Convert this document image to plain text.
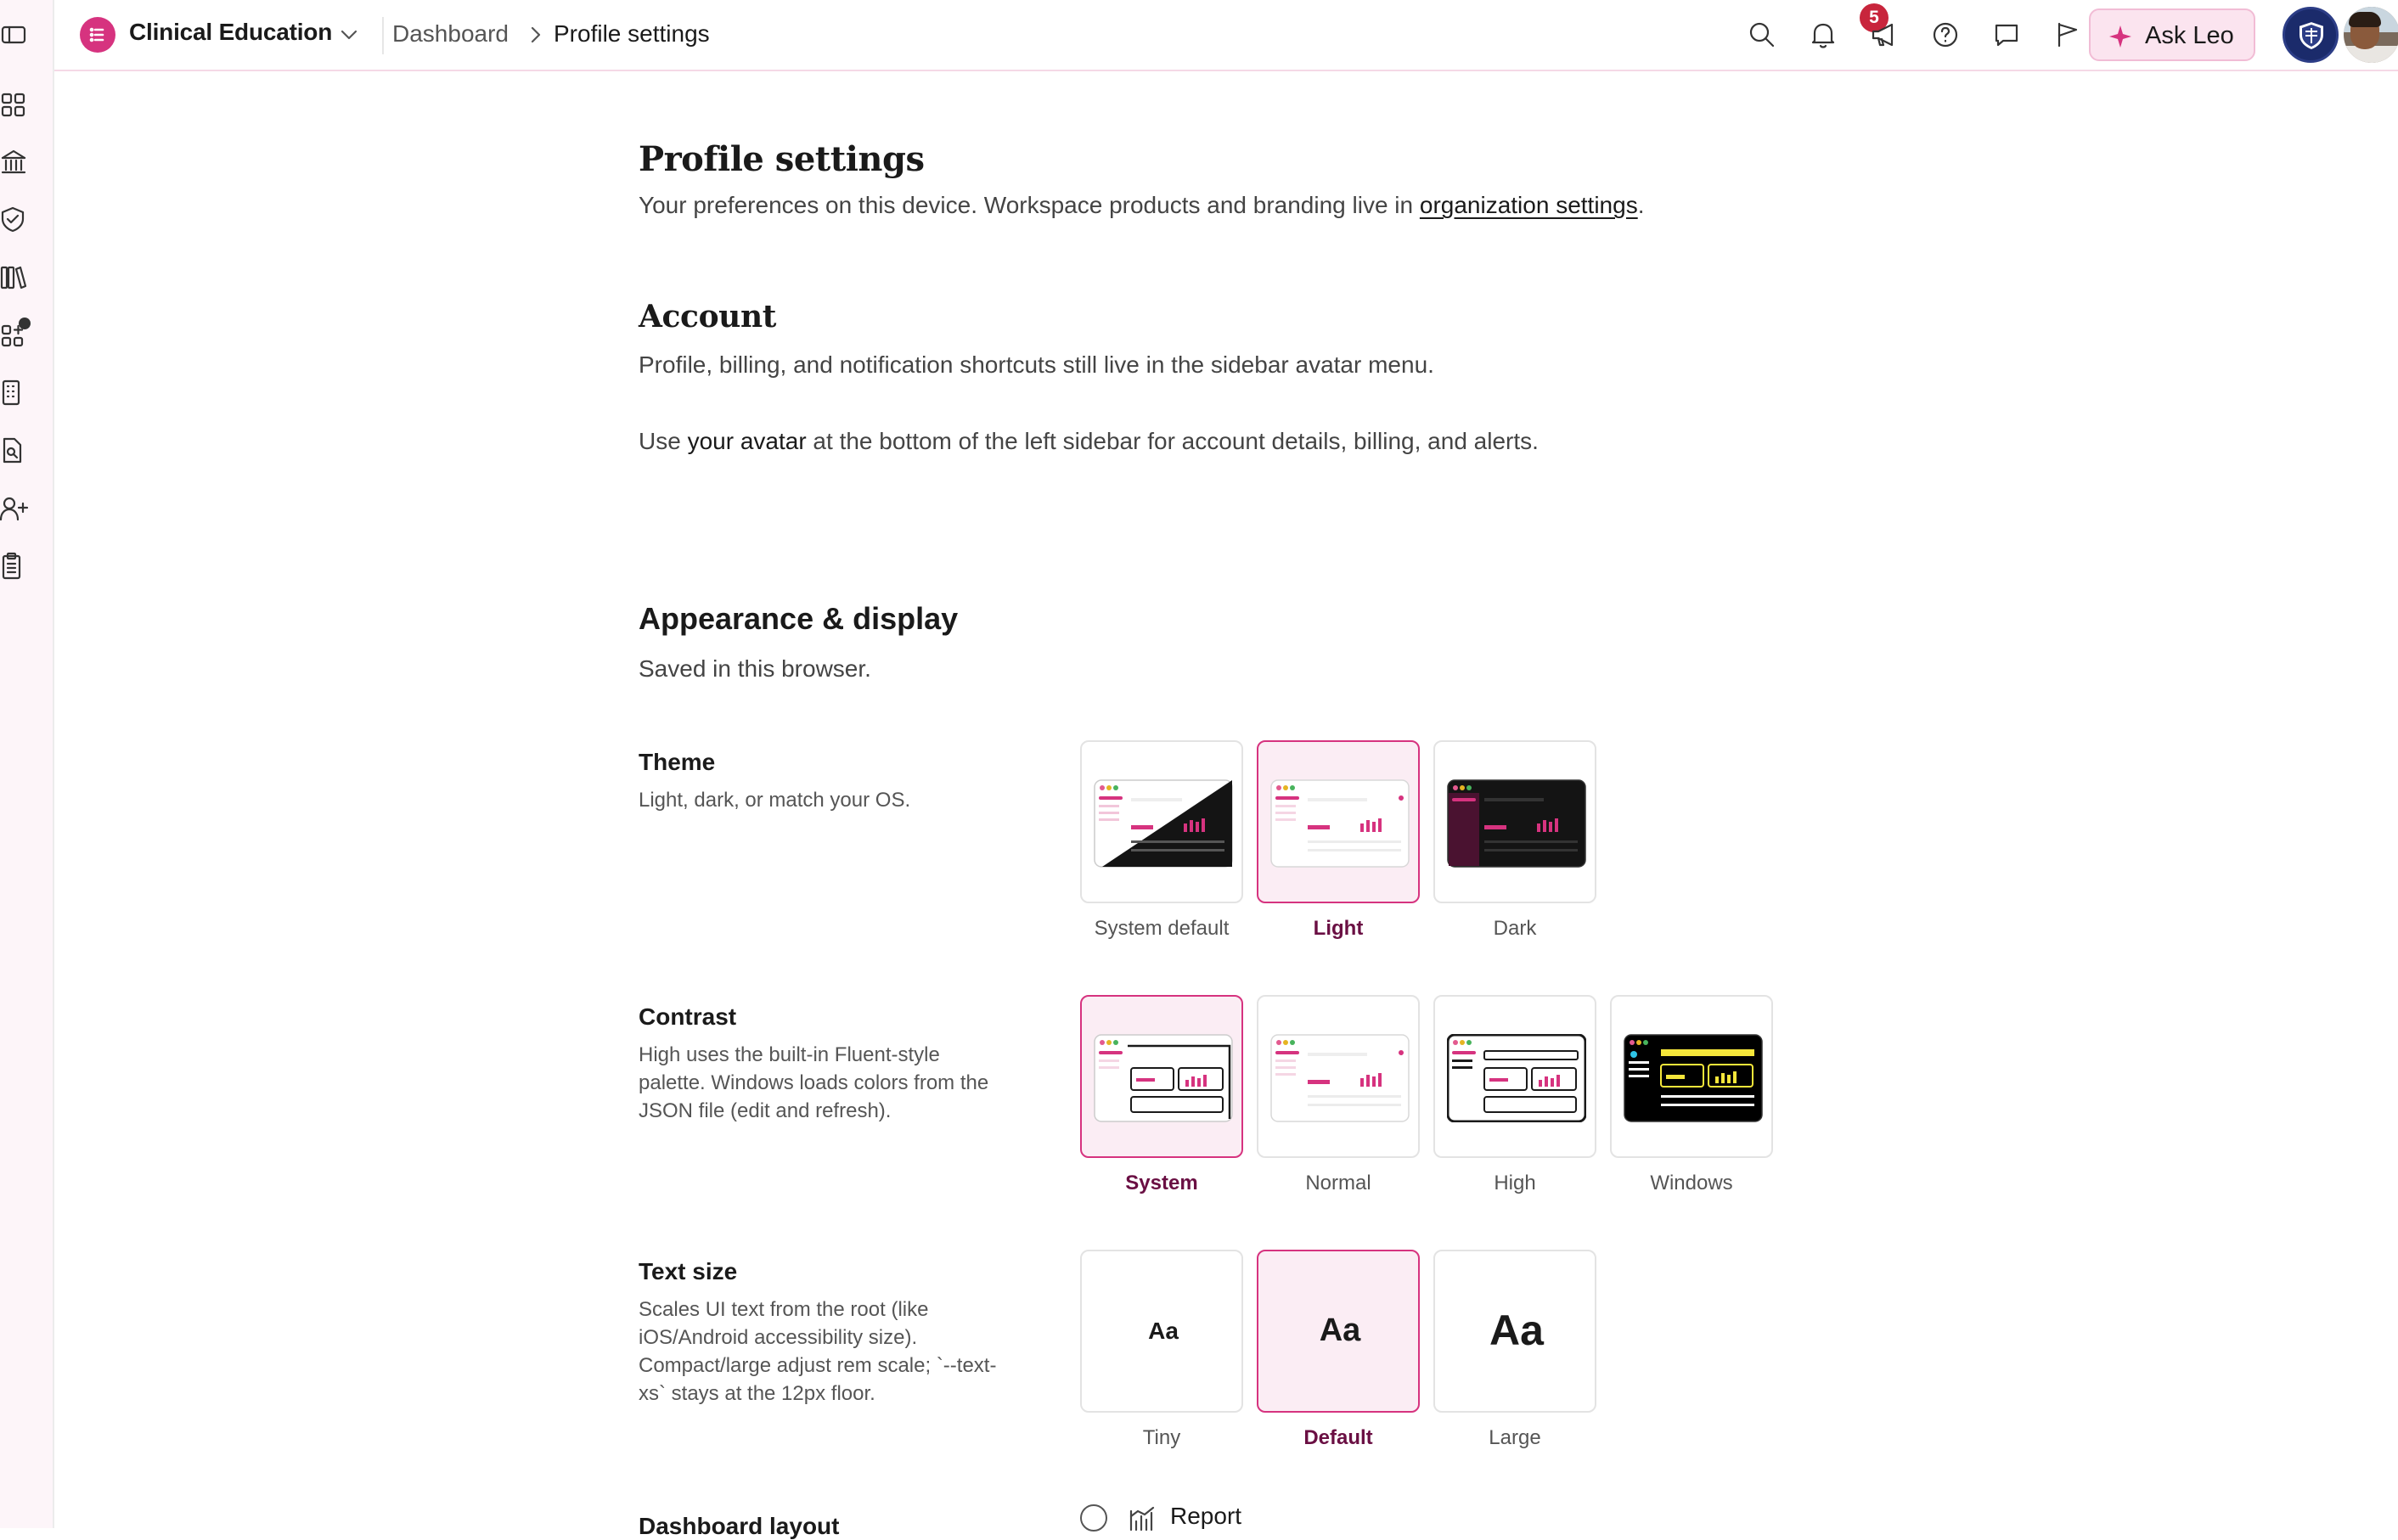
Clinical Education	Dashboard Profile settings
5
Ask Leo
Profile settings

Your preferences on this device. Workspace products and branding live in organization settings.

Account

Profile, billing, and notification shortcuts still live in the sidebar avatar menu.

Use your avatar at the bottom of the left sidebar for account details, billing, and alerts.

Appearance & display

Saved in this browser.

Theme
Light, dark, or match your OS.
System default	Light	Dark
Contrast
High uses the built-in Fluent-style palette. Windows loads colors from the JSON file (edit and refresh).
System	Normal	High	Windows
Text size
Scales UI text from the root (like iOS/Android accessibility size). Compact/large adjust rem scale; `--text-xs` stays at the 12px floor.
Aa
Tiny
Aa
Default
Aa
Large
Dashboard layout	Report
